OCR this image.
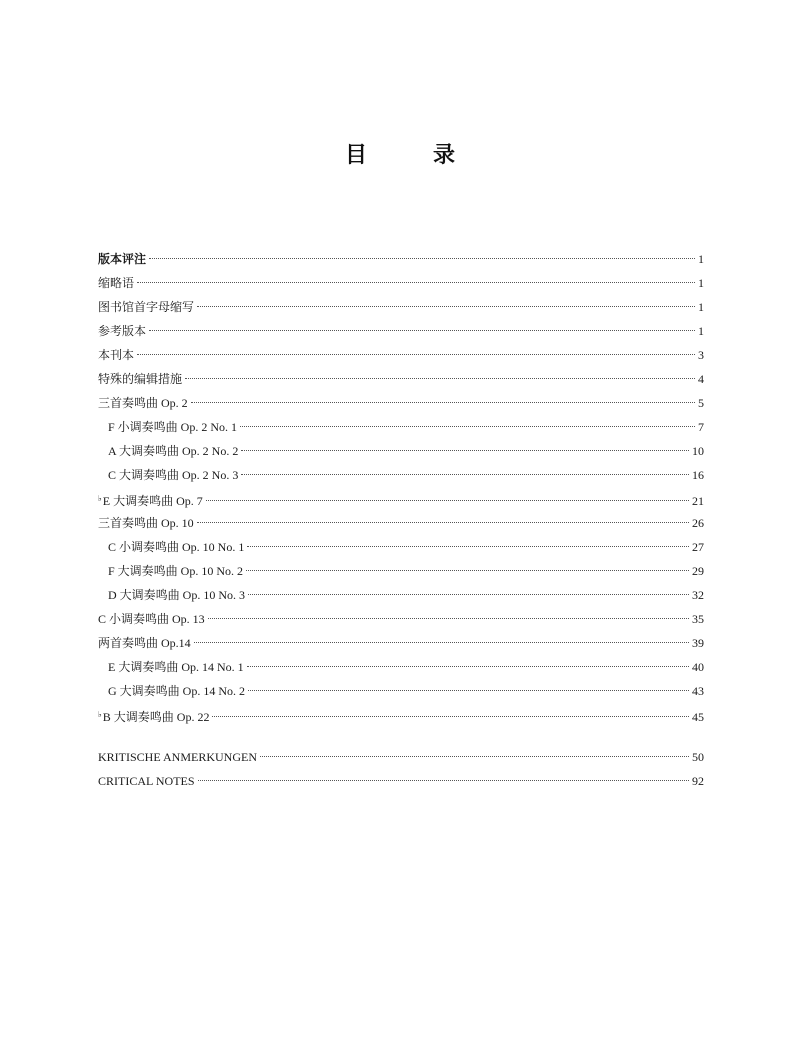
目　录
版本评注	1
缩略语	1
图书馆首字母缩写	1
参考版本	1
本刊本	3
特殊的编辑措施	4
三首奏鸣曲 Op. 2	5
F 小调奏鸣曲 Op. 2 No. 1	7
A 大调奏鸣曲 Op. 2 No. 2	10
C 大调奏鸣曲 Op. 2 No. 3	16
♭E 大调奏鸣曲 Op. 7	21
三首奏鸣曲 Op. 10	26
C 小调奏鸣曲 Op. 10 No. 1	27
F 大调奏鸣曲 Op. 10 No. 2	29
D 大调奏鸣曲 Op. 10 No. 3	32
C 小调奏鸣曲 Op. 13	35
两首奏鸣曲 Op.14	39
E 大调奏鸣曲 Op. 14 No. 1	40
G 大调奏鸣曲 Op. 14 No. 2	43
♭B 大调奏鸣曲 Op. 22	45
KRITISCHE ANMERKUNGEN	50
CRITICAL NOTES	92
